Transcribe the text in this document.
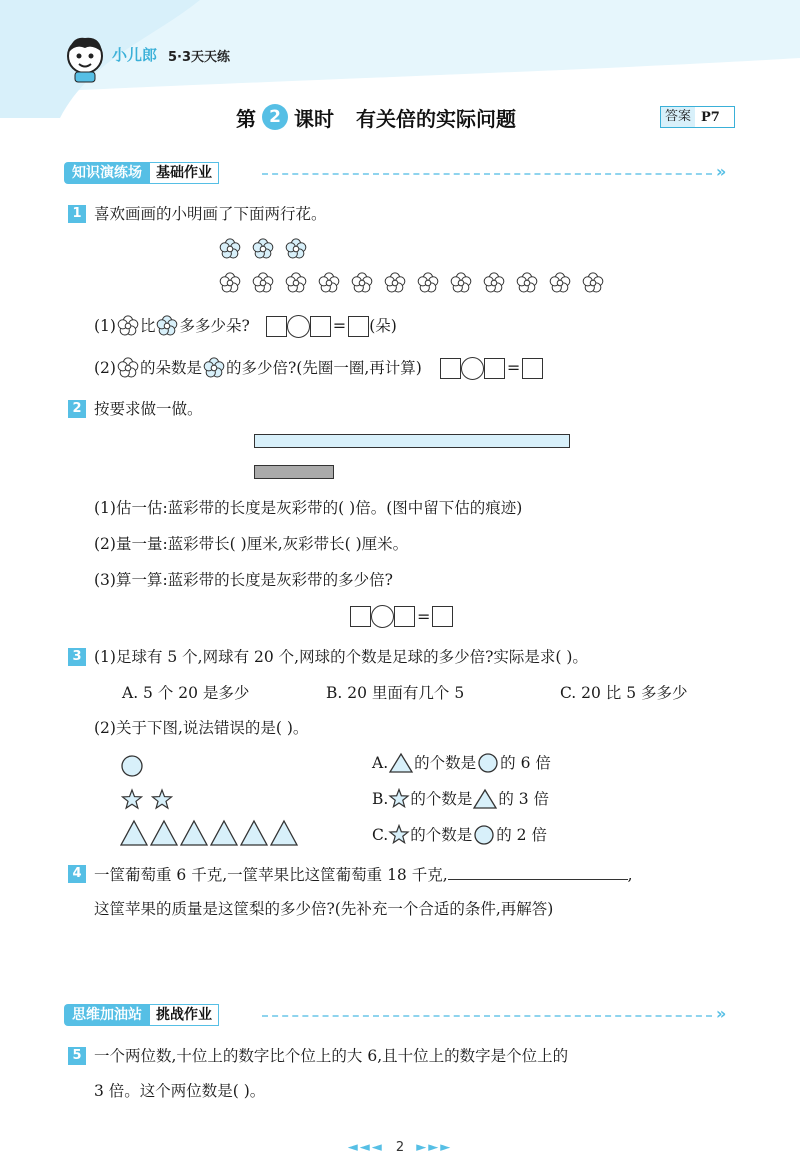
小儿郎 5·3天天练
第 2 课时 有关倍的实际问题	答案 P7
知识演练场	基础作业	»
1 喜欢画画的小明画了下面两行花。
(1) 比 多多少朵?	= (朵)
(2) 的朵数是 的多少倍?(先圈一圈,再计算)	=
2 按要求做一做。
(1)估一估:蓝彩带的长度是灰彩带的( )倍。(图中留下估的痕迹)
(2)量一量:蓝彩带长( )厘米,灰彩带长( )厘米。
(3)算一算:蓝彩带的长度是灰彩带的多少倍?
=
3 (1)足球有 5 个,网球有 20 个,网球的个数是足球的多少倍?实际是求( )。
A. 5 个 20 是多少	B. 20 里面有几个 5	C. 20 比 5 多多少
(2)关于下图,说法错误的是( )。
A. 的个数是 的 6 倍
B. 的个数是 的 3 倍
C. 的个数是 的 2 倍
4 一筐葡萄重 6 千克,一筐苹果比这筐葡萄重 18 千克,	,
这筐苹果的质量是这筐梨的多少倍?(先补充一个合适的条件,再解答)
思维加油站	挑战作业	»
5 一个两位数,十位上的数字比个位上的大 6,且十位上的数字是个位上的
3 倍。这个两位数是( )。
◄◄◄ 2 ►►►
